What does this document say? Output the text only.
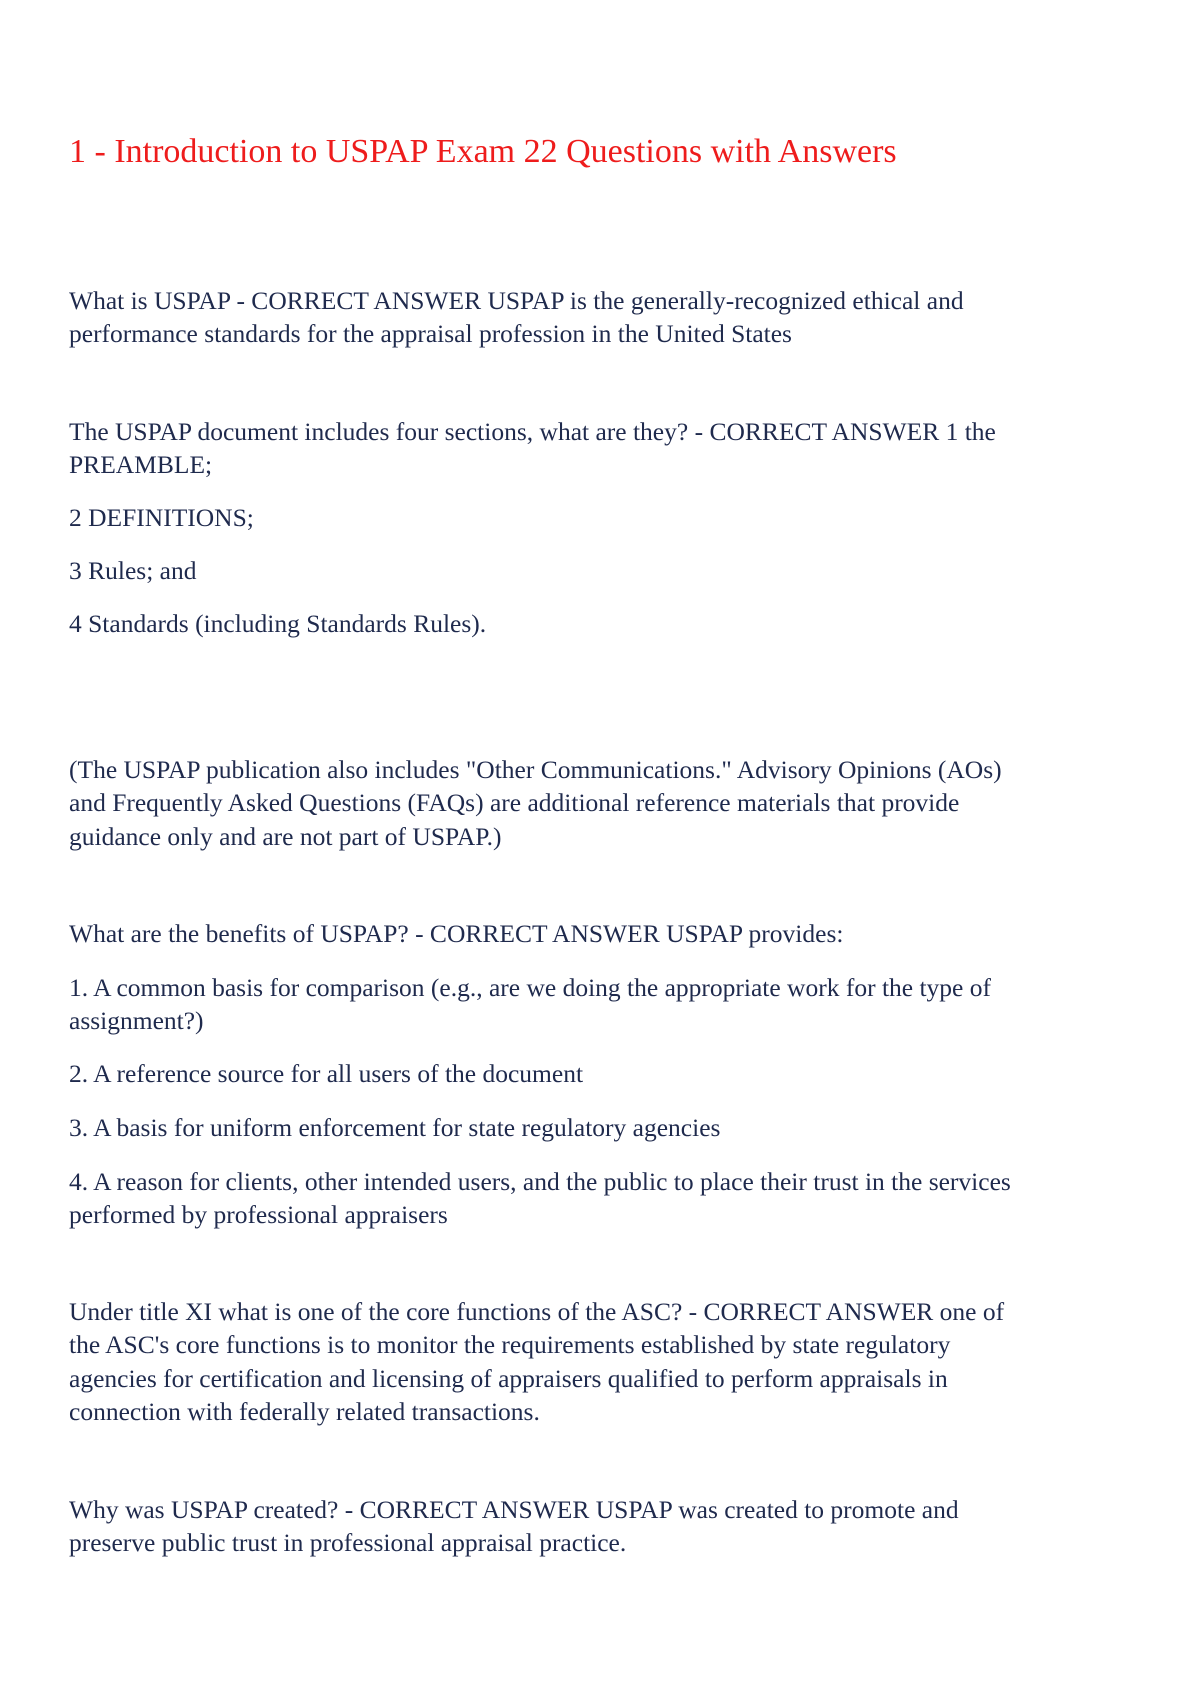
1 - Introduction to USPAP Exam 22 Questions with Answers

What is USPAP - CORRECT ANSWER USPAP is the generally-recognized ethical and

performance standards for the appraisal profession in the United States

The USPAP document includes four sections, what are they? - CORRECT ANSWER 1 the

PREAMBLE;

2 DEFINITIONS;

3 Rules; and

4 Standards (including Standards Rules).

(The USPAP publication also includes "Other Communications." Advisory Opinions (AOs)

and Frequently Asked Questions (FAQs) are additional reference materials that provide

guidance only and are not part of USPAP.)

What are the benefits of USPAP? - CORRECT ANSWER USPAP provides:

1. A common basis for comparison (e.g., are we doing the appropriate work for the type of

assignment?)

2. A reference source for all users of the document

3. A basis for uniform enforcement for state regulatory agencies

4. A reason for clients, other intended users, and the public to place their trust in the services

performed by professional appraisers

Under title XI what is one of the core functions of the ASC? - CORRECT ANSWER one of

the ASC's core functions is to monitor the requirements established by state regulatory

agencies for certification and licensing of appraisers qualified to perform appraisals in

connection with federally related transactions.

Why was USPAP created? - CORRECT ANSWER USPAP was created to promote and

preserve public trust in professional appraisal practice.
